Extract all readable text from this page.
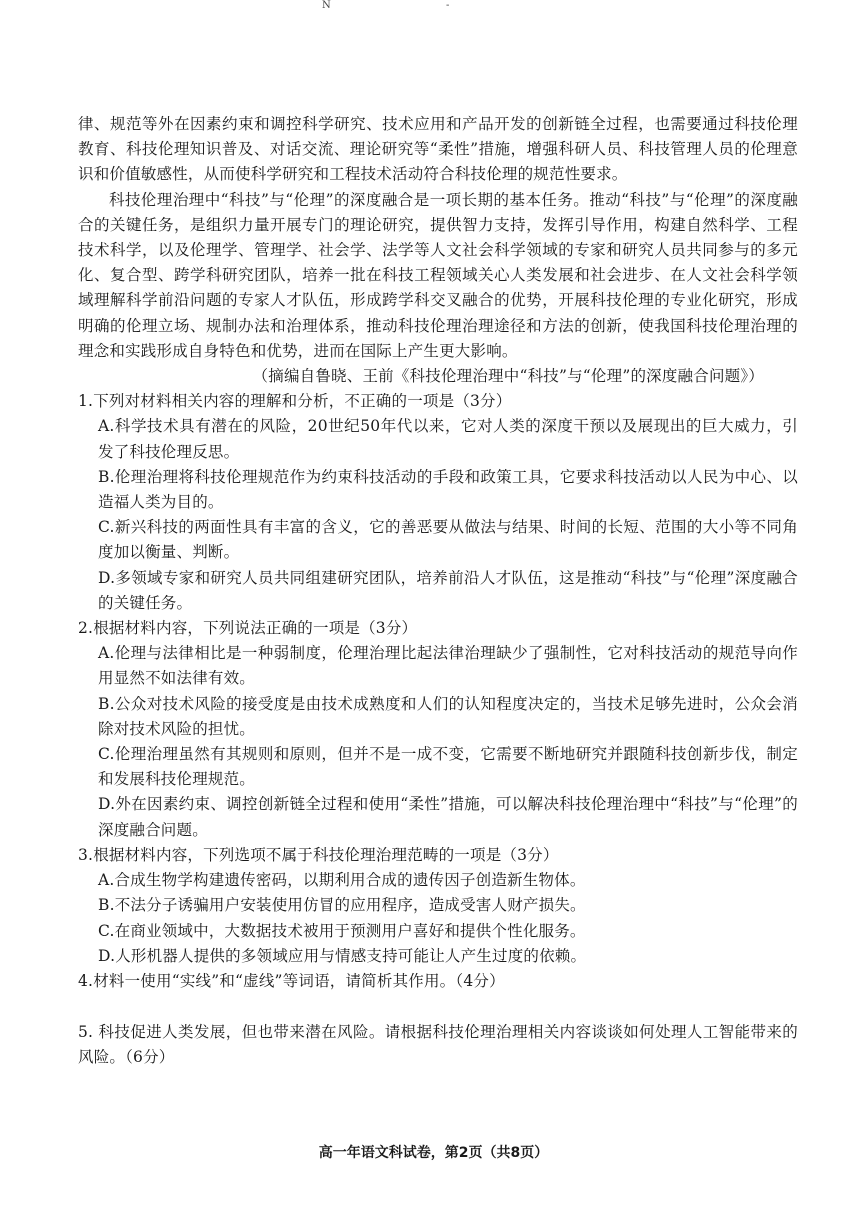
N	-

律、规范等外在因素约束和调控科学研究、技术应用和产品开发的创新链全过程，也需要通过科技伦理教育、科技伦理知识普及、对话交流、理论研究等“柔性”措施，增强科研人员、科技管理人员的伦理意识和价值敏感性，从而使科学研究和工程技术活动符合科技伦理的规范性要求。

科技伦理治理中“科技”与“伦理”的深度融合是一项长期的基本任务。推动“科技”与“伦理”的深度融合的关键任务，是组织力量开展专门的理论研究，提供智力支持，发挥引导作用，构建自然科学、工程技术科学，以及伦理学、管理学、社会学、法学等人文社会科学领域的专家和研究人员共同参与的多元化、复合型、跨学科研究团队，培养一批在科技工程领域关心人类发展和社会进步、在人文社会科学领域理解科学前沿问题的专家人才队伍，形成跨学科交叉融合的优势，开展科技伦理的专业化研究，形成明确的伦理立场、规制办法和治理体系，推动科技伦理治理途径和方法的创新，使我国科技伦理治理的理念和实践形成自身特色和优势，进而在国际上产生更大影响。

（摘编自鲁晓、王前《科技伦理治理中“科技”与“伦理”的深度融合问题》）

1.下列对材料相关内容的理解和分析，不正确的一项是（3分）

A.科学技术具有潜在的风险，20世纪50年代以来，它对人类的深度干预以及展现出的巨大威力，引发了科技伦理反思。

B.伦理治理将科技伦理规范作为约束科技活动的手段和政策工具，它要求科技活动以人民为中心、以造福人类为目的。

C.新兴科技的两面性具有丰富的含义，它的善恶要从做法与结果、时间的长短、范围的大小等不同角度加以衡量、判断。

D.多领域专家和研究人员共同组建研究团队，培养前沿人才队伍，这是推动“科技”与“伦理”深度融合的关键任务。

2.根据材料内容，下列说法正确的一项是（3分）

A.伦理与法律相比是一种弱制度，伦理治理比起法律治理缺少了强制性，它对科技活动的规范导向作用显然不如法律有效。

B.公众对技术风险的接受度是由技术成熟度和人们的认知程度决定的，当技术足够先进时，公众会消除对技术风险的担忧。

C.伦理治理虽然有其规则和原则，但并不是一成不变，它需要不断地研究并跟随科技创新步伐，制定和发展科技伦理规范。

D.外在因素约束、调控创新链全过程和使用“柔性”措施，可以解决科技伦理治理中“科技”与“伦理”的深度融合问题。

3.根据材料内容，下列选项不属于科技伦理治理范畴的一项是（3分）

A.合成生物学构建遗传密码，以期利用合成的遗传因子创造新生物体。

B.不法分子诱骗用户安装使用仿冒的应用程序，造成受害人财产损失。

C.在商业领域中，大数据技术被用于预测用户喜好和提供个性化服务。

D.人形机器人提供的多领域应用与情感支持可能让人产生过度的依赖。

4.材料一使用“实线”和“虚线”等词语，请简析其作用。（4分）

5. 科技促进人类发展，但也带来潜在风险。请根据科技伦理治理相关内容谈谈如何处理人工智能带来的风险。（6分）

高一年语文科试卷，第2页（共8页）
